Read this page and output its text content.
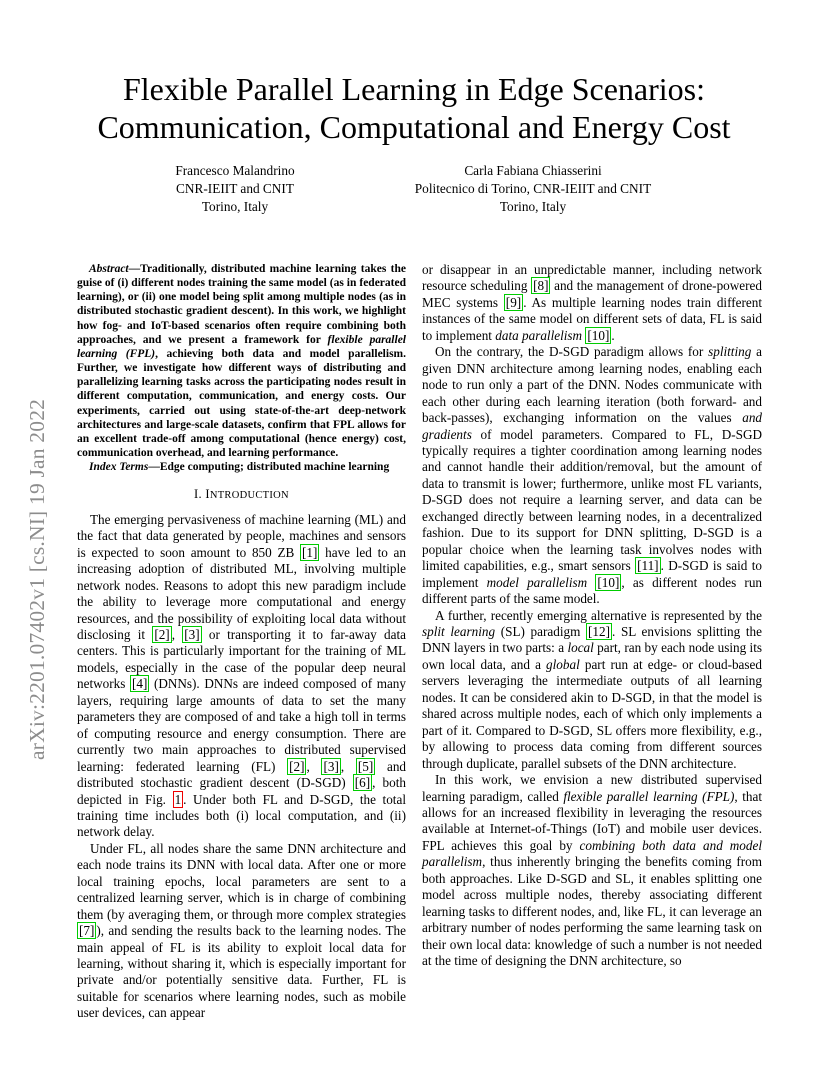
arXiv:2201.07402v1 [cs.NI] 19 Jan 2022
Flexible Parallel Learning in Edge Scenarios:
Communication, Computational and Energy Cost
Francesco Malandrino
CNR-IEIIT and CNIT
Torino, Italy
Carla Fabiana Chiasserini
Politecnico di Torino, CNR-IEIIT and CNIT
Torino, Italy

Abstract—Traditionally, distributed machine learning takes the guise of (i) different nodes training the same model (as in federated learning), or (ii) one model being split among multiple nodes (as in distributed stochastic gradient descent). In this work, we highlight how fog- and IoT-based scenarios often require combining both approaches, and we present a framework for flexible parallel learning (FPL), achieving both data and model parallelism. Further, we investigate how different ways of distributing and parallelizing learning tasks across the participating nodes result in different computation, communication, and energy costs. Our experiments, carried out using state-of-the-art deep-network architectures and large-scale datasets, confirm that FPL allows for an excellent trade-off among computational (hence energy) cost, communication overhead, and learning performance.

Index Terms—Edge computing; distributed machine learning

I. INTRODUCTION

The emerging pervasiveness of machine learning (ML) and the fact that data generated by people, machines and sensors is expected to soon amount to 850 ZB [1] have led to an increasing adoption of distributed ML, involving multiple network nodes. Reasons to adopt this new paradigm include the ability to leverage more computational and energy resources, and the possibility of exploiting local data without disclosing it [2] , [3] or transporting it to far-away data centers. This is particularly important for the training of ML models, especially in the case of the popular deep neural networks [4] (DNNs). DNNs are indeed composed of many layers, requiring large amounts of data to set the many parameters they are composed of and take a high toll in terms of computing resource and energy consumption. There are currently two main approaches to distributed supervised learning: federated learning (FL) [2] , [3] , [5] and distributed stochastic gradient descent (D-SGD) [6] , both depicted in Fig. 1 . Under both FL and D-SGD, the total training time includes both (i) local computation, and (ii) network delay.

Under FL, all nodes share the same DNN architecture and each node trains its DNN with local data. After one or more local training epochs, local parameters are sent to a centralized learning server, which is in charge of combining them (by averaging them, or through more complex strategies [7] ), and sending the results back to the learning nodes. The main appeal of FL is its ability to exploit local data for learning, without sharing it, which is especially important for private and/or potentially sensitive data. Further, FL is suitable for scenarios where learning nodes, such as mobile user devices, can appear

or disappear in an unpredictable manner, including network resource scheduling [8] and the management of drone-powered MEC systems [9] . As multiple learning nodes train different instances of the same model on different sets of data, FL is said to implement data parallelism [10] .

On the contrary, the D-SGD paradigm allows for splitting a given DNN architecture among learning nodes, enabling each node to run only a part of the DNN. Nodes communicate with each other during each learning iteration (both forward- and back-passes), exchanging information on the values and gradients of model parameters. Compared to FL, D-SGD typically requires a tighter coordination among learning nodes and cannot handle their addition/removal, but the amount of data to transmit is lower; furthermore, unlike most FL variants, D-SGD does not require a learning server, and data can be exchanged directly between learning nodes, in a decentralized fashion. Due to its support for DNN splitting, D-SGD is a popular choice when the learning task involves nodes with limited capabilities, e.g., smart sensors [11] . D-SGD is said to implement model parallelism [10] , as different nodes run different parts of the same model.

A further, recently emerging alternative is represented by the split learning (SL) paradigm [12] . SL envisions splitting the DNN layers in two parts: a local part, ran by each node using its own local data, and a global part run at edge- or cloud-based servers leveraging the intermediate outputs of all learning nodes. It can be considered akin to D-SGD, in that the model is shared across multiple nodes, each of which only implements a part of it. Compared to D-SGD, SL offers more flexibility, e.g., by allowing to process data coming from different sources through duplicate, parallel subsets of the DNN architecture.

In this work, we envision a new distributed supervised learning paradigm, called flexible parallel learning (FPL), that allows for an increased flexibility in leveraging the resources available at Internet-of-Things (IoT) and mobile user devices. FPL achieves this goal by combining both data and model parallelism, thus inherently bringing the benefits coming from both approaches. Like D-SGD and SL, it enables splitting one model across multiple nodes, thereby associating different learning tasks to different nodes, and, like FL, it can leverage an arbitrary number of nodes performing the same learning task on their own local data: knowledge of such a number is not needed at the time of designing the DNN architecture, so
